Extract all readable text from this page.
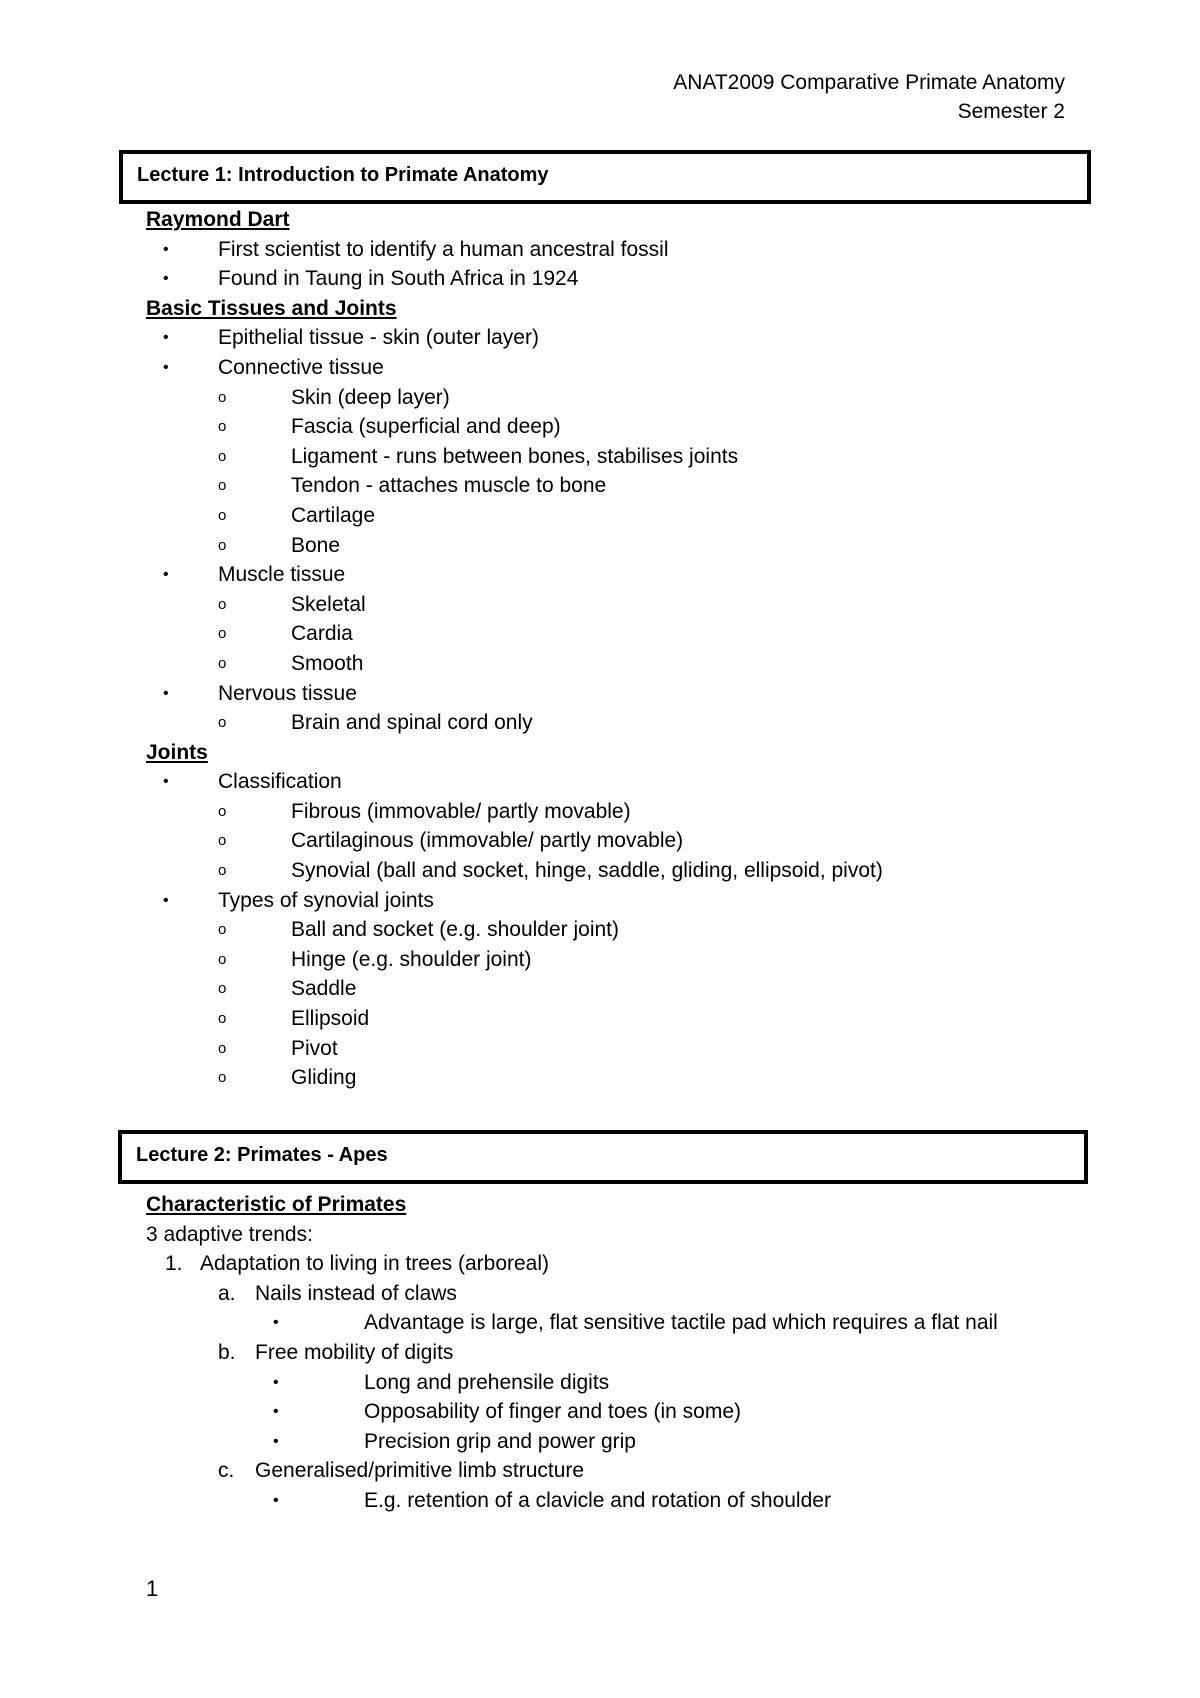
ANAT2009 Comparative Primate Anatomy
Semester 2
Lecture 1: Introduction to Primate Anatomy
Raymond Dart
• First scientist to identify a human ancestral fossil
• Found in Taung in South Africa in 1924
Basic Tissues and Joints
• Epithelial tissue - skin (outer layer)
• Connective tissue
o	Skin (deep layer)
o	Fascia (superficial and deep)
o	Ligament - runs between bones, stabilises joints
o	Tendon - attaches muscle to bone
o	Cartilage
o	Bone
• Muscle tissue
o	Skeletal
o	Cardia
o	Smooth
• Nervous tissue
o	Brain and spinal cord only
Joints
• Classification
o	Fibrous (immovable/ partly movable)
o	Cartilaginous (immovable/ partly movable)
o	Synovial (ball and socket, hinge, saddle, gliding, ellipsoid, pivot)
• Types of synovial joints
o	Ball and socket (e.g. shoulder joint)
o	Hinge (e.g. shoulder joint)
o	Saddle
o	Ellipsoid
o	Pivot
o	Gliding
Lecture 2: Primates - Apes
Characteristic of Primates
3 adaptive trends:
1. Adaptation to living in trees (arboreal)
a. Nails instead of claws
•	Advantage is large, flat sensitive tactile pad which requires a flat nail
b. Free mobility of digits
•	Long and prehensile digits
•	Opposability of finger and toes (in some)
•	Precision grip and power grip
c. Generalised/primitive limb structure
•	E.g. retention of a clavicle and rotation of shoulder
1
